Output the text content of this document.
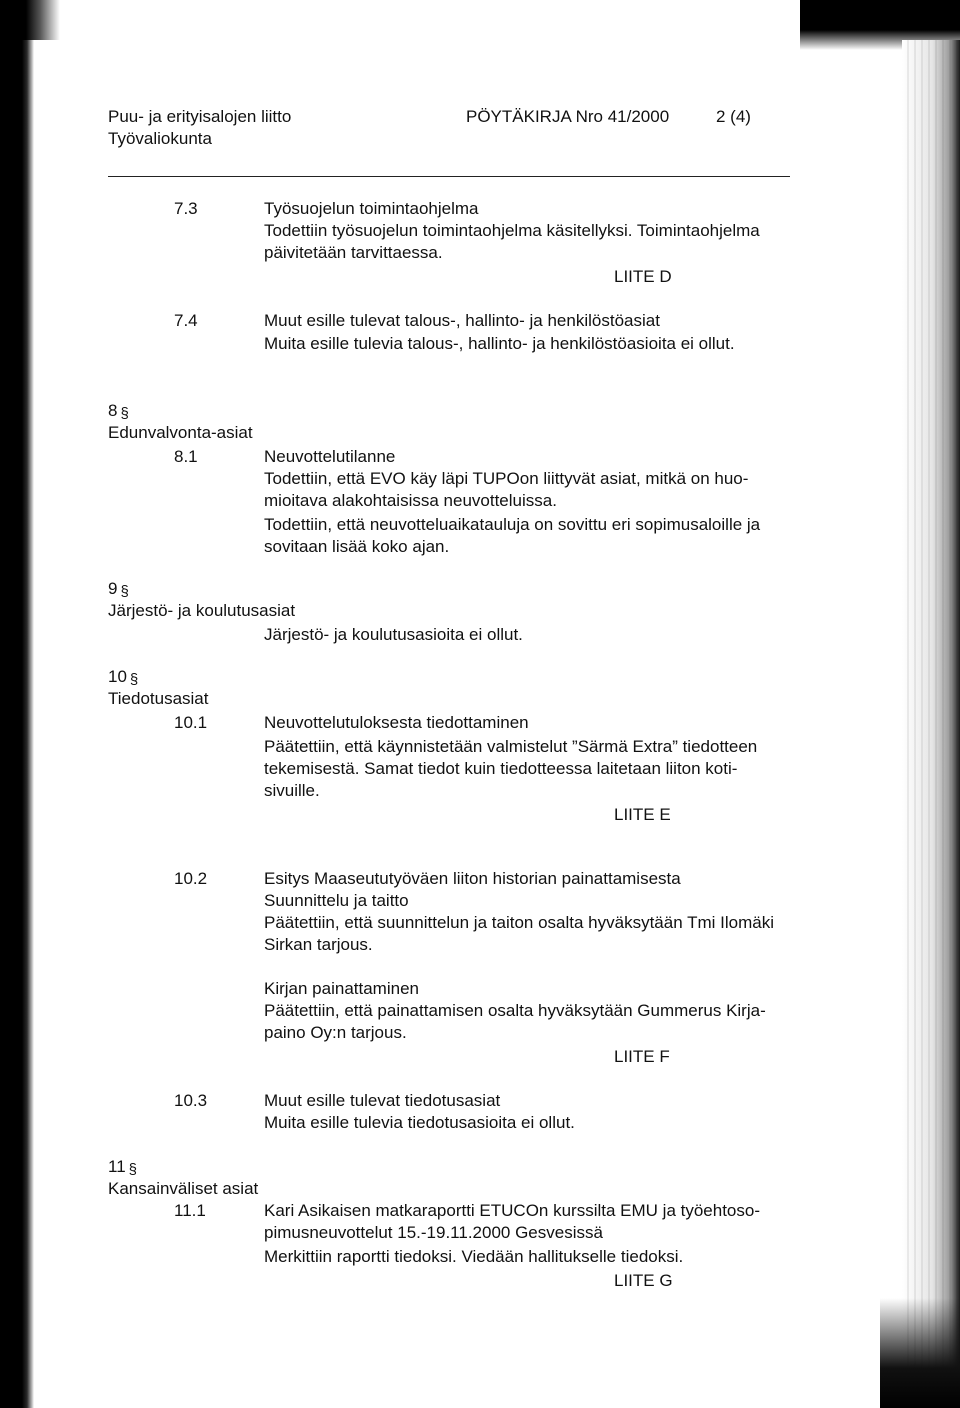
Puu- ja erityisalojen liitto
Työvaliokunta
PÖYTÄKIRJA Nro 41/2000	2 (4)
7.3	Työsuojelun toimintaohjelma
Todettiin työsuojelun toimintaohjelma käsitellyksi. Toimintaohjelma
päivitetään tarvittaessa.
LIITE D
7.4	Muut esille tulevat talous-, hallinto- ja henkilöstöasiat
Muita esille tulevia talous-, hallinto- ja henkilöstöasioita ei ollut.
8 §
Edunvalvonta-asiat
8.1	Neuvottelutilanne
Todettiin, että EVO käy läpi TUPOon liittyvät asiat, mitkä on huo-
mioitava alakohtaisissa neuvotteluissa.
Todettiin, että neuvotteluaikatauluja on sovittu eri sopimusaloille ja
sovitaan lisää koko ajan.
9 §
Järjestö- ja koulutusasiat
Järjestö- ja koulutusasioita ei ollut.
10 §
Tiedotusasiat
10.1	Neuvottelutuloksesta tiedottaminen
Päätettiin, että käynnistetään valmistelut ”Särmä Extra” tiedotteen
tekemisestä. Samat tiedot kuin tiedotteessa laitetaan liiton koti-
sivuille.
LIITE E
10.2	Esitys Maaseututyöväen liiton historian painattamisesta
Suunnittelu ja taitto
Päätettiin, että suunnittelun ja taiton osalta hyväksytään Tmi Ilomäki
Sirkan tarjous.
Kirjan painattaminen
Päätettiin, että painattamisen osalta hyväksytään Gummerus Kirja-
paino Oy:n tarjous.
LIITE F
10.3	Muut esille tulevat tiedotusasiat
Muita esille tulevia tiedotusasioita ei ollut.
11 §
Kansainväliset asiat
11.1	Kari Asikaisen matkaraportti ETUCOn kurssilta EMU ja työehtoso-
pimusneuvottelut 15.-19.11.2000 Gesvesissä
Merkittiin raportti tiedoksi. Viedään hallitukselle tiedoksi.
LIITE G
